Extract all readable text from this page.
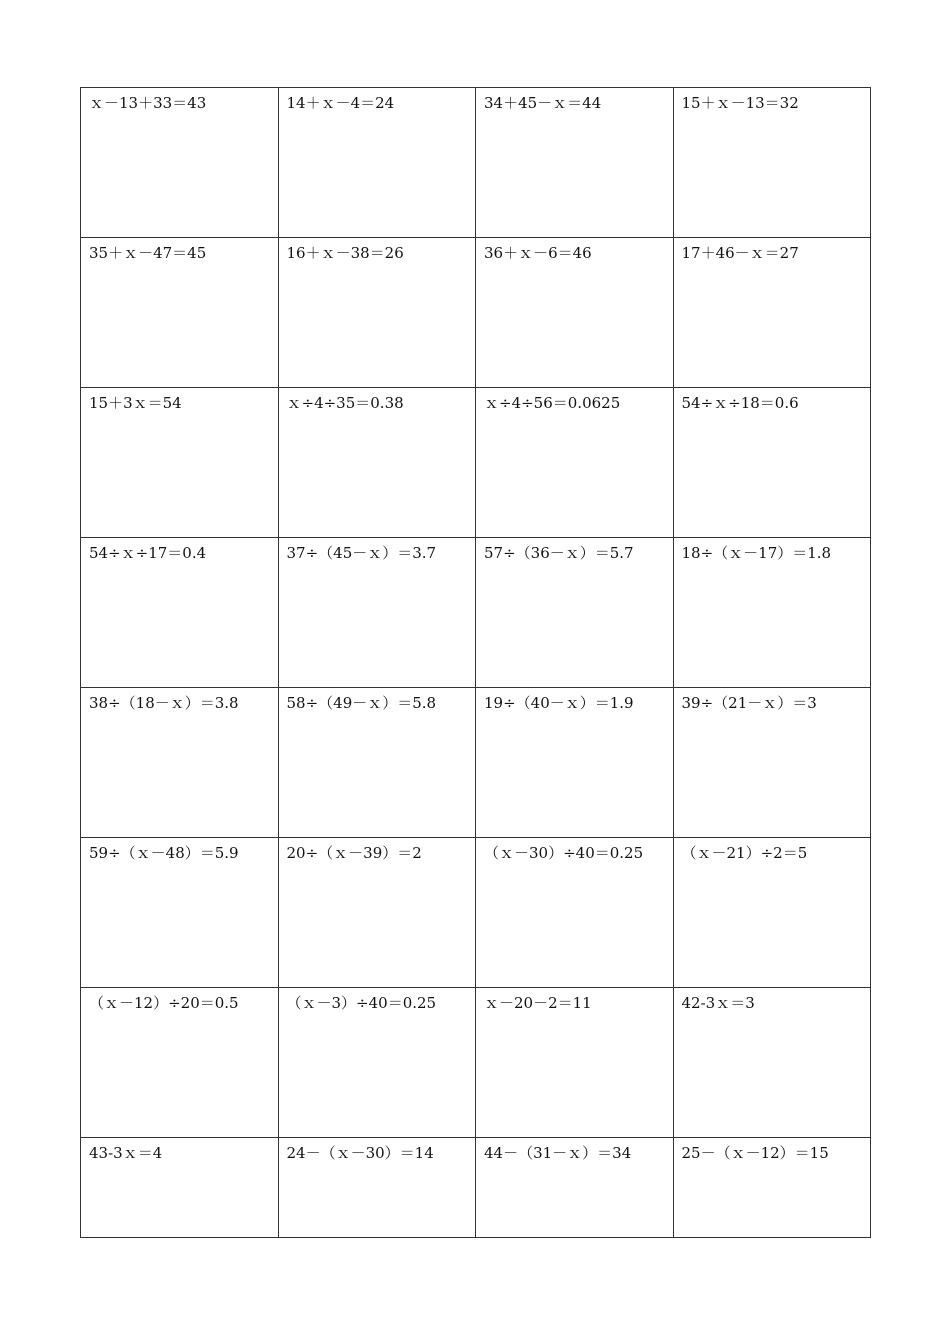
ｘ－13＋33＝43	14＋ｘ－4＝24	34＋45－ｘ＝44	15＋ｘ－13＝32
35＋ｘ－47＝45	16＋ｘ－38＝26	36＋ｘ－6＝46	17＋46－ｘ＝27
15＋3ｘ＝54	ｘ÷4÷35＝0.38	ｘ÷4÷56＝0.0625	54÷ｘ÷18＝0.6
54÷ｘ÷17＝0.4	37÷（45－ｘ）＝3.7	57÷（36－ｘ）＝5.7	18÷（ｘ－17）＝1.8
38÷（18－ｘ）＝3.8	58÷（49－ｘ）＝5.8	19÷（40－ｘ）＝1.9	39÷（21－ｘ）＝3
59÷（ｘ－48）＝5.9	20÷（ｘ－39）＝2	（ｘ－30）÷40＝0.25	（ｘ－21）÷2＝5
（ｘ－12）÷20＝0.5	（ｘ－3）÷40＝0.25	ｘ－20－2＝11	42-3ｘ＝3
43-3ｘ＝4	24－（ｘ－30）＝14	44－（31－ｘ）＝34	25－（ｘ－12）＝15
